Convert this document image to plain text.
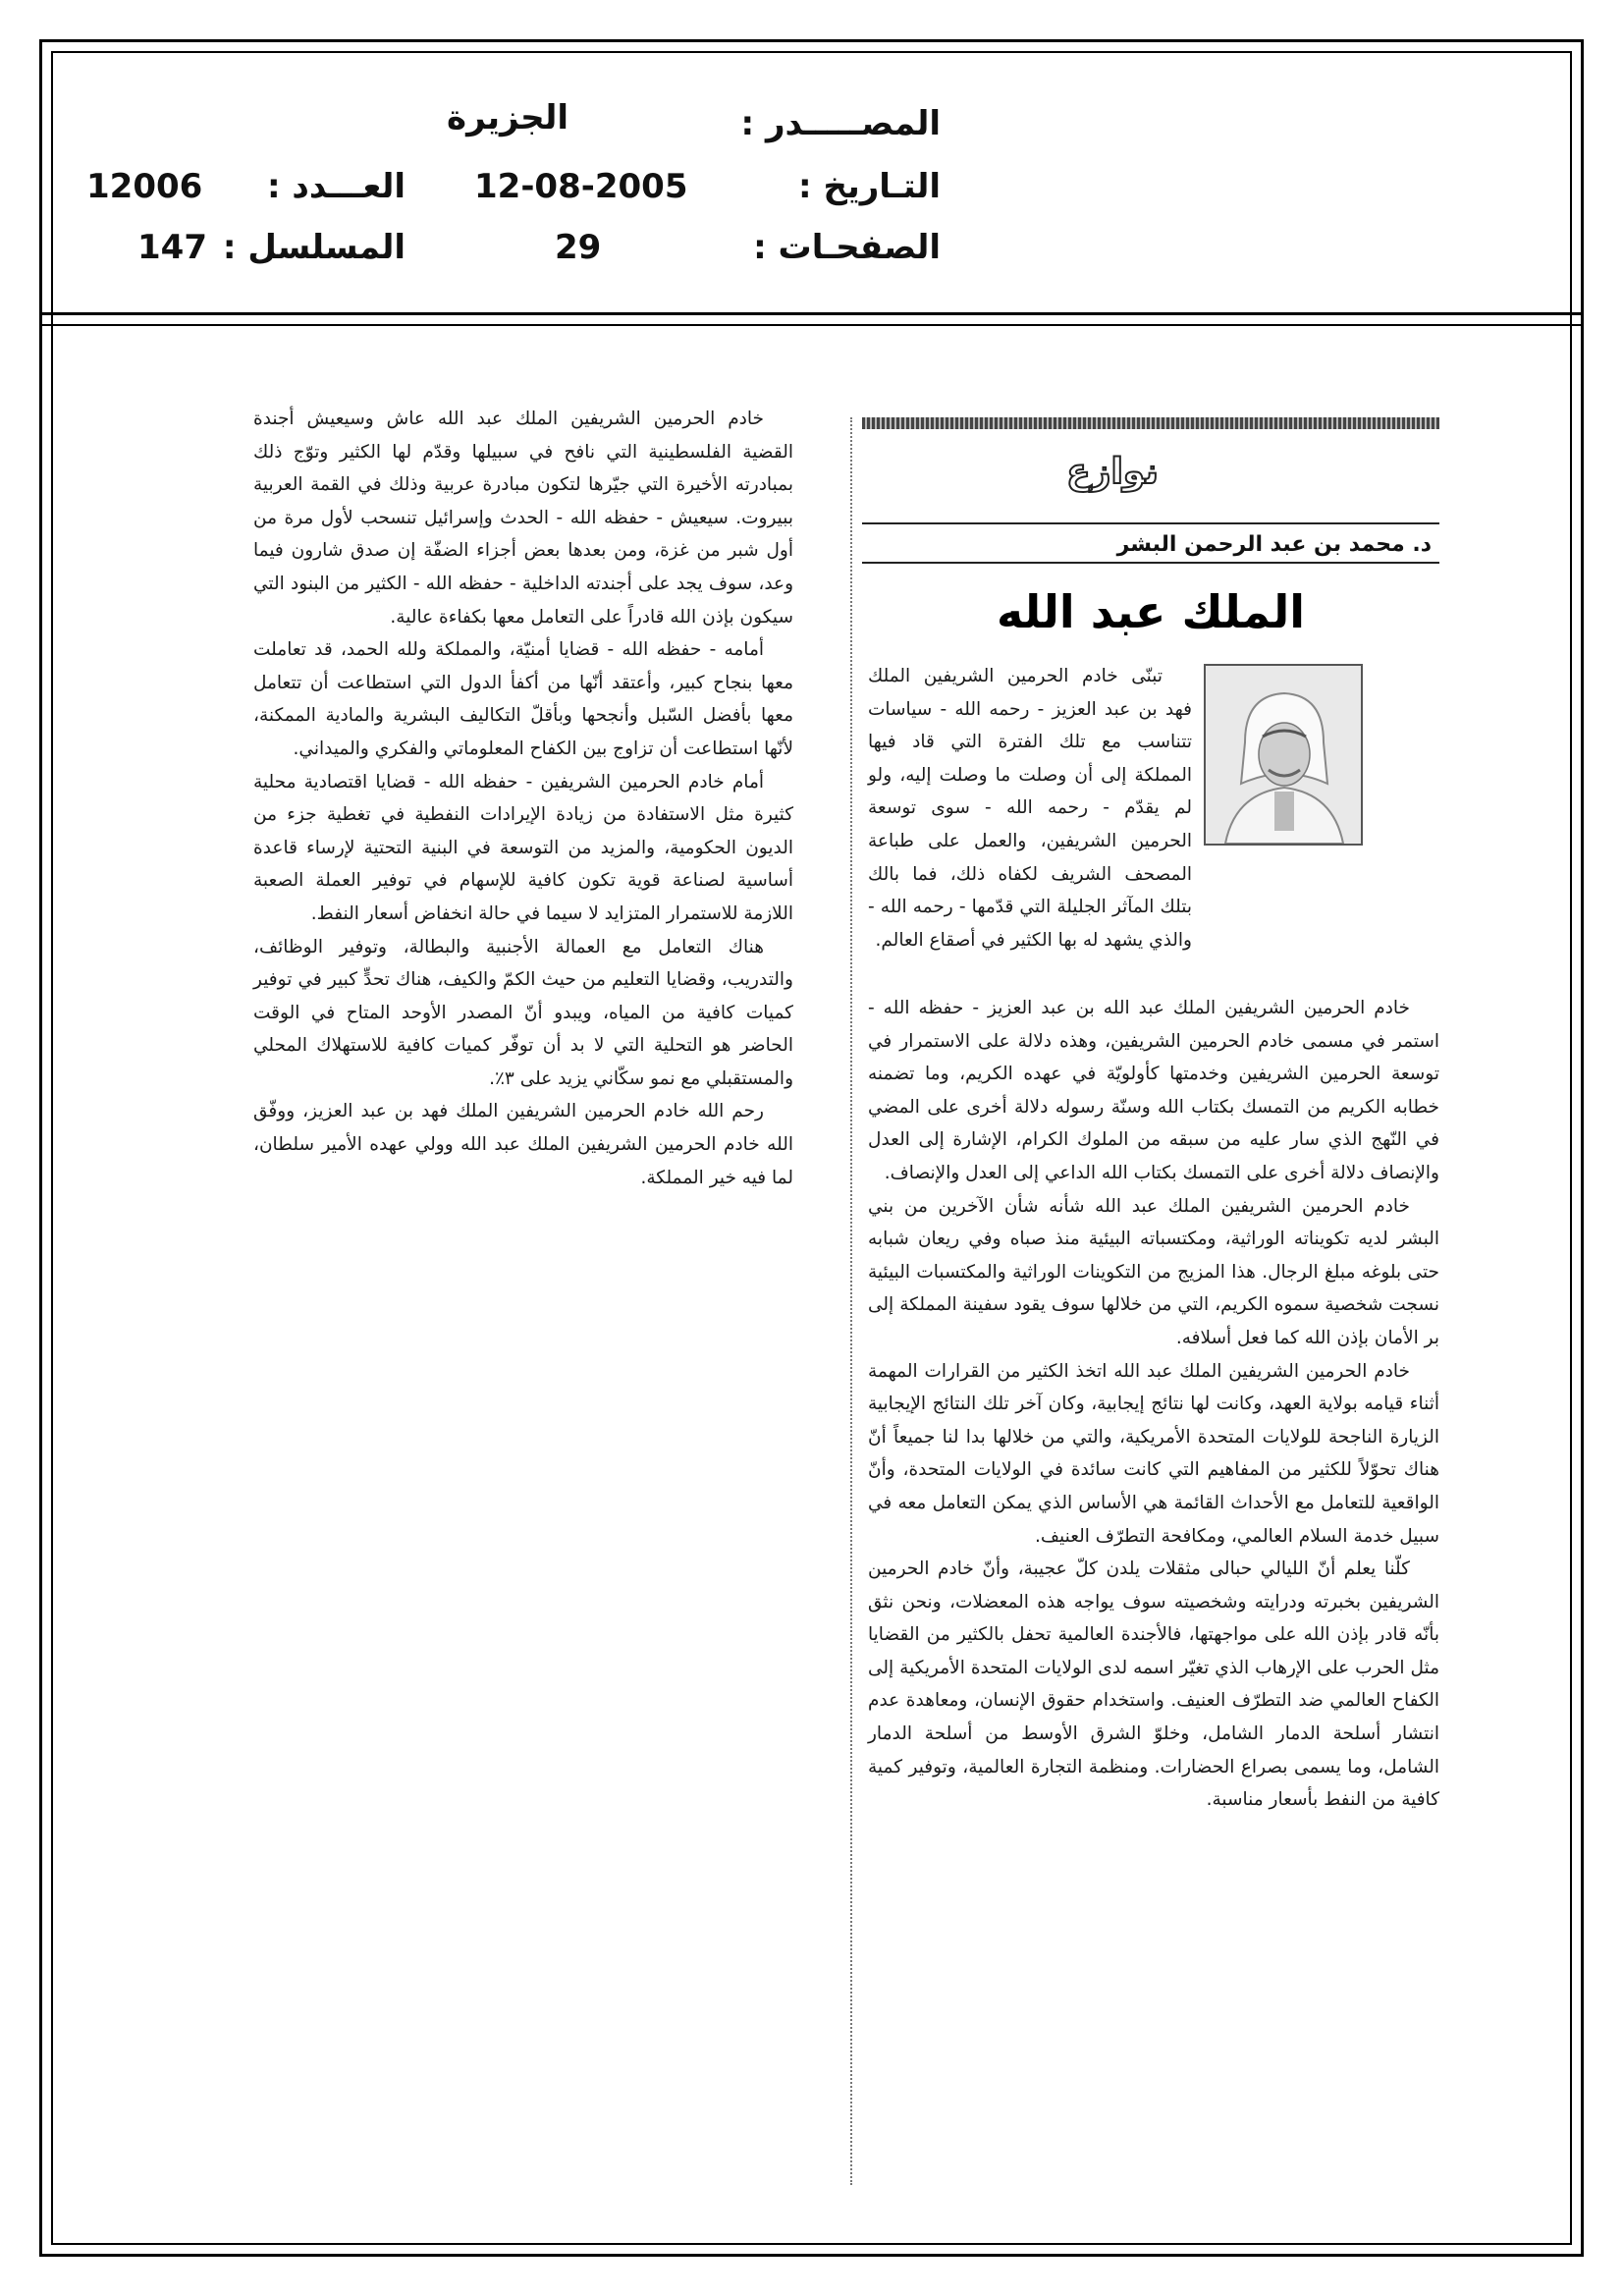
المصـــــدر :
الجزيرة
التـاريخ :
12-08-2005
العـــدد :
12006
الصفحـات :
29
المسلسل :
147
نوازع
د. محمد بن عبد الرحمن البشر
الملك عبد الله

تبنّى خادم الحرمين الشريفين الملك فهد بن عبد العزيز - رحمه الله - سياسات تتناسب مع تلك الفترة التي قاد فيها المملكة إلى أن وصلت ما وصلت إليه، ولو لم يقدّم - رحمه الله - سوى توسعة الحرمين الشريفين، والعمل على طباعة المصحف الشريف لكفاه ذلك، فما بالك بتلك المآثر الجليلة التي قدّمها - رحمه الله - والذي يشهد له بها الكثير في أصقاع العالم.

خادم الحرمين الشريفين الملك عبد الله بن عبد العزيز - حفظه الله - استمر في مسمى خادم الحرمين الشريفين، وهذه دلالة على الاستمرار في توسعة الحرمين الشريفين وخدمتها كأولويّة في عهده الكريم، وما تضمنه خطابه الكريم من التمسك بكتاب الله وسنّة رسوله دلالة أخرى على المضي في النّهج الذي سار عليه من سبقه من الملوك الكرام، الإشارة إلى العدل والإنصاف دلالة أخرى على التمسك بكتاب الله الداعي إلى العدل والإنصاف.

خادم الحرمين الشريفين الملك عبد الله شأنه شأن الآخرين من بني البشر لديه تكويناته الوراثية، ومكتسباته البيئية منذ صباه وفي ريعان شبابه حتى بلوغه مبلغ الرجال. هذا المزيج من التكوينات الوراثية والمكتسبات البيئية نسجت شخصية سموه الكريم، التي من خلالها سوف يقود سفينة المملكة إلى بر الأمان بإذن الله كما فعل أسلافه.

خادم الحرمين الشريفين الملك عبد الله اتخذ الكثير من القرارات المهمة أثناء قيامه بولاية العهد، وكانت لها نتائج إيجابية، وكان آخر تلك النتائج الإيجابية الزيارة الناجحة للولايات المتحدة الأمريكية، والتي من خلالها بدا لنا جميعاً أنّ هناك تحوّلاً للكثير من المفاهيم التي كانت سائدة في الولايات المتحدة، وأنّ الواقعية للتعامل مع الأحداث القائمة هي الأساس الذي يمكن التعامل معه في سبيل خدمة السلام العالمي، ومكافحة التطرّف العنيف.

كلّنا يعلم أنّ الليالي حبالى مثقلات يلدن كلّ عجيبة، وأنّ خادم الحرمين الشريفين بخبرته ودرايته وشخصيته سوف يواجه هذه المعضلات، ونحن نثق بأنّه قادر بإذن الله على مواجهتها، فالأجندة العالمية تحفل بالكثير من القضايا مثل الحرب على الإرهاب الذي تغيّر اسمه لدى الولايات المتحدة الأمريكية إلى الكفاح العالمي ضد التطرّف العنيف. واستخدام حقوق الإنسان، ومعاهدة عدم انتشار أسلحة الدمار الشامل، وخلوّ الشرق الأوسط من أسلحة الدمار الشامل، وما يسمى بصراع الحضارات. ومنظمة التجارة العالمية، وتوفير كمية كافية من النفط بأسعار مناسبة.

خادم الحرمين الشريفين الملك عبد الله عاش وسيعيش أجندة القضية الفلسطينية التي نافح في سبيلها وقدّم لها الكثير وتوّج ذلك بمبادرته الأخيرة التي جيّرها لتكون مبادرة عربية وذلك في القمة العربية ببيروت. سيعيش - حفظه الله - الحدث وإسرائيل تنسحب لأول مرة من أول شبر من غزة، ومن بعدها بعض أجزاء الضفّة إن صدق شارون فيما وعد، سوف يجد على أجندته الداخلية - حفظه الله - الكثير من البنود التي سيكون بإذن الله قادراً على التعامل معها بكفاءة عالية.

أمامه - حفظه الله - قضايا أمنيّة، والمملكة ولله الحمد، قد تعاملت معها بنجاح كبير، وأعتقد أنّها من أكفأ الدول التي استطاعت أن تتعامل معها بأفضل السّبل وأنجحها وبأقلّ التكاليف البشرية والمادية الممكنة، لأنّها استطاعت أن تزاوج بين الكفاح المعلوماتي والفكري والميداني.

أمام خادم الحرمين الشريفين - حفظه الله - قضايا اقتصادية محلية كثيرة مثل الاستفادة من زيادة الإيرادات النفطية في تغطية جزء من الديون الحكومية، والمزيد من التوسعة في البنية التحتية لإرساء قاعدة أساسية لصناعة قوية تكون كافية للإسهام في توفير العملة الصعبة اللازمة للاستمرار المتزايد لا سيما في حالة انخفاض أسعار النفط.

هناك التعامل مع العمالة الأجنبية والبطالة، وتوفير الوظائف، والتدريب، وقضايا التعليم من حيث الكمّ والكيف، هناك تحدٍّ كبير في توفير كميات كافية من المياه، ويبدو أنّ المصدر الأوحد المتاح في الوقت الحاضر هو التحلية التي لا بد أن توفّر كميات كافية للاستهلاك المحلي والمستقبلي مع نمو سكّاني يزيد على ٣٪.

رحم الله خادم الحرمين الشريفين الملك فهد بن عبد العزيز، ووفّق الله خادم الحرمين الشريفين الملك عبد الله وولي عهده الأمير سلطان، لما فيه خير المملكة.
